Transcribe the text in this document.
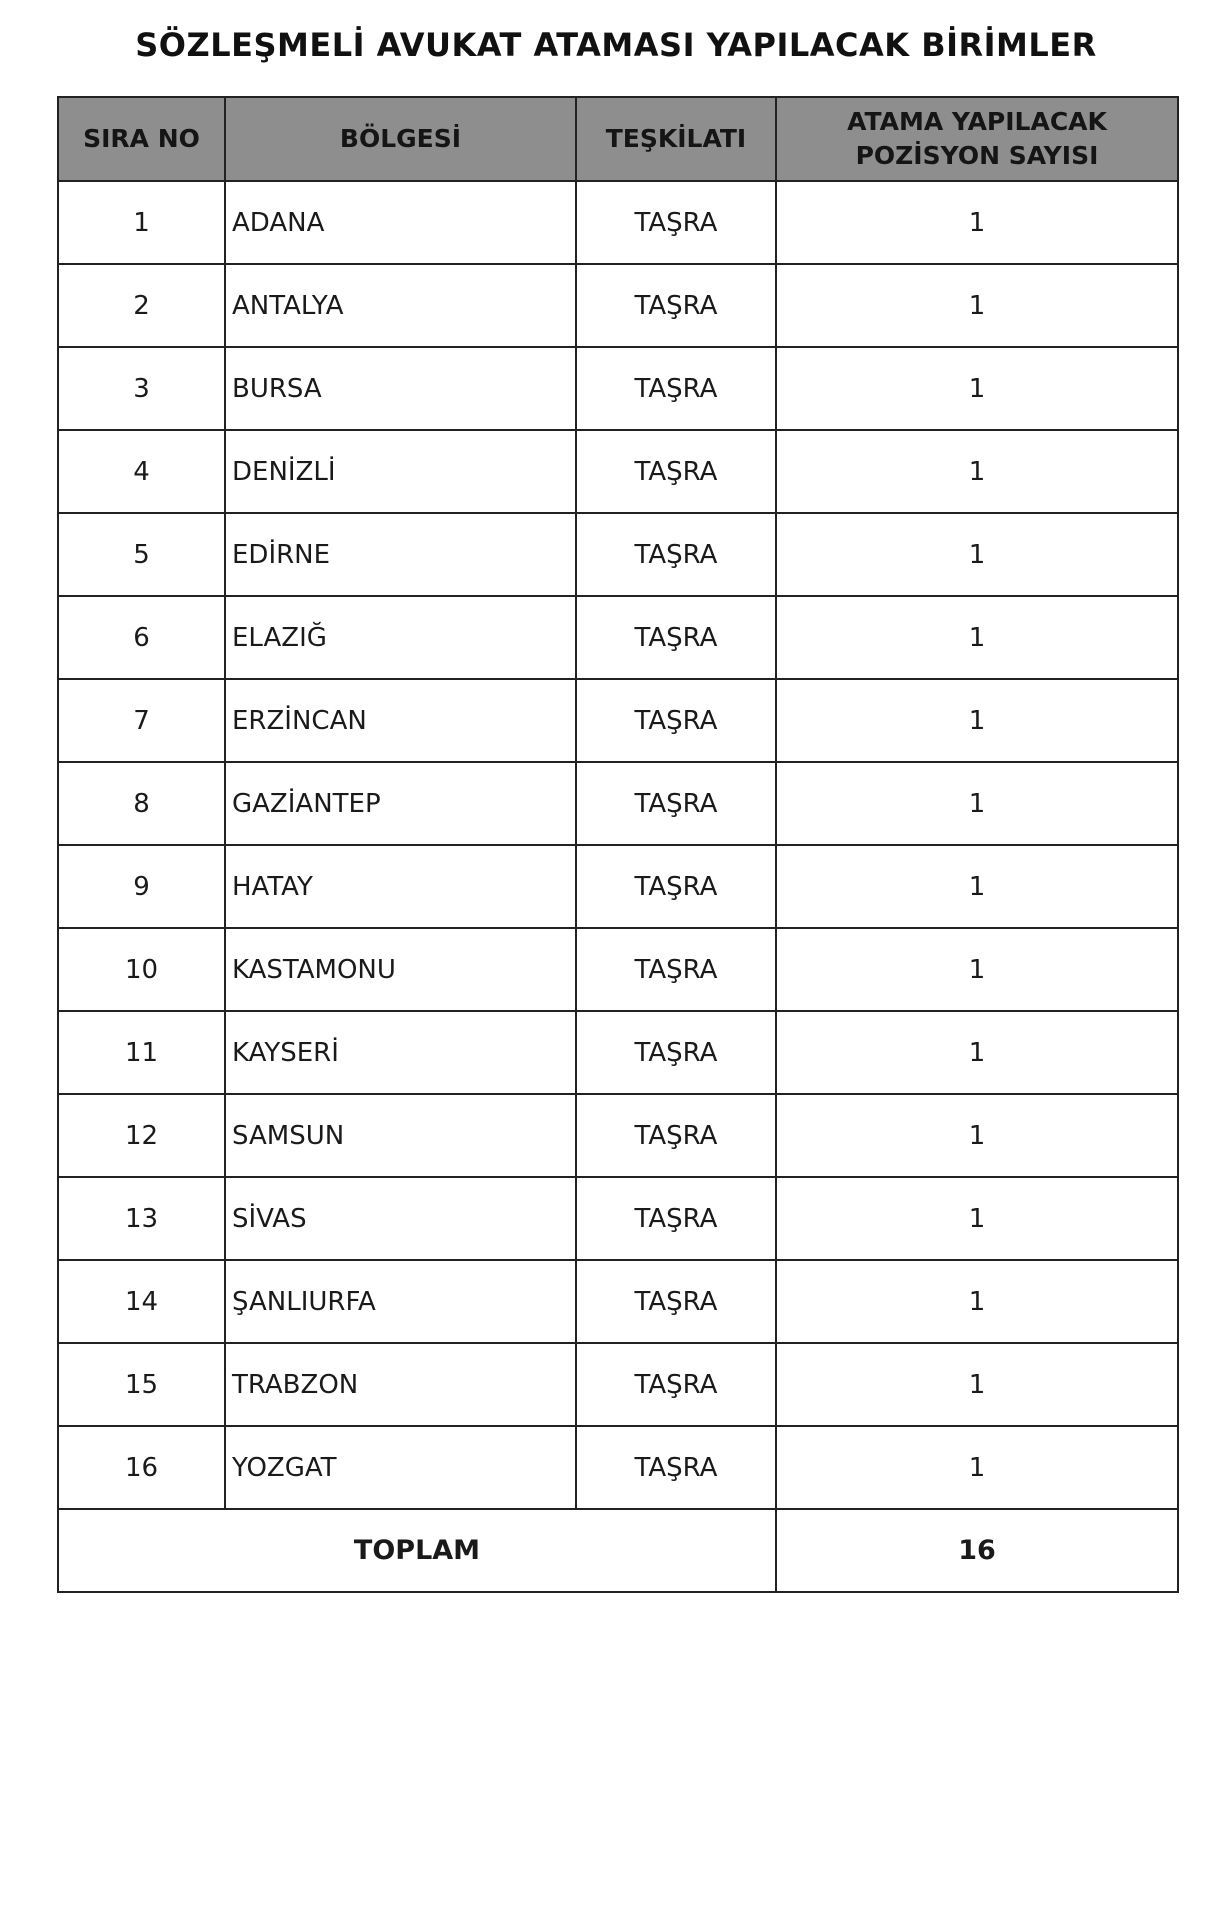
SÖZLEŞMELİ AVUKAT ATAMASI YAPILACAK BİRİMLER
SIRA NO	BÖLGESİ	TEŞKİLATI	ATAMA YAPILACAK
POZİSYON SAYISI

1	ADANA	TAŞRA	1
2	ANTALYA	TAŞRA	1
3	BURSA	TAŞRA	1
4	DENİZLİ	TAŞRA	1
5	EDİRNE	TAŞRA	1
6	ELAZIĞ	TAŞRA	1
7	ERZİNCAN	TAŞRA	1
8	GAZİANTEP	TAŞRA	1
9	HATAY	TAŞRA	1
10	KASTAMONU	TAŞRA	1
11	KAYSERİ	TAŞRA	1
12	SAMSUN	TAŞRA	1
13	SİVAS	TAŞRA	1
14	ŞANLIURFA	TAŞRA	1
15	TRABZON	TAŞRA	1
16	YOZGAT	TAŞRA	1
TOPLAM			16
